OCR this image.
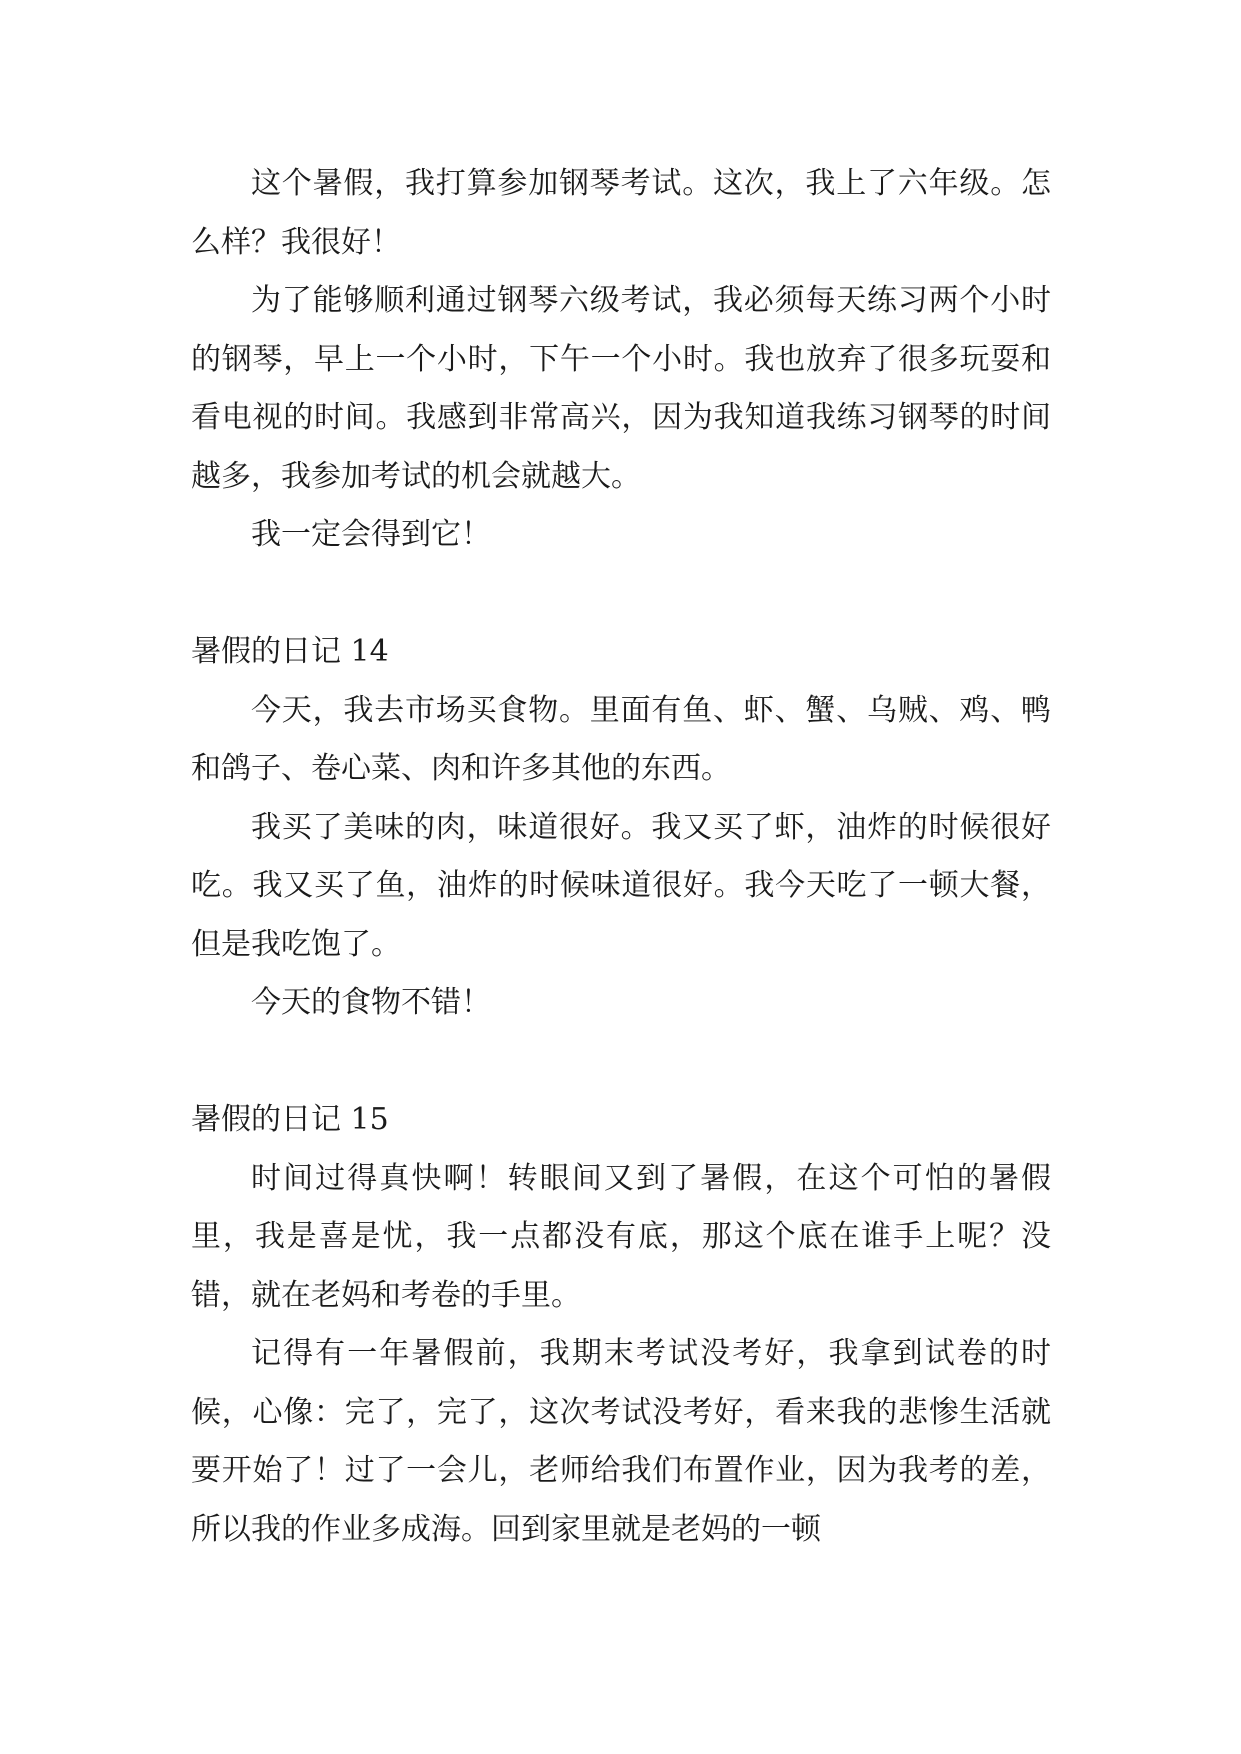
这个暑假，我打算参加钢琴考试。这次，我上了六年级。怎么样？我很好！

为了能够顺利通过钢琴六级考试，我必须每天练习两个小时的钢琴，早上一个小时，下午一个小时。我也放弃了很多玩耍和看电视的时间。我感到非常高兴，因为我知道我练习钢琴的时间越多，我参加考试的机会就越大。

我一定会得到它！

暑假的日记 14

今天，我去市场买食物。里面有鱼、虾、蟹、乌贼、鸡、鸭和鸽子、卷心菜、肉和许多其他的东西。

我买了美味的肉，味道很好。我又买了虾，油炸的时候很好吃。我又买了鱼，油炸的时候味道很好。我今天吃了一顿大餐，但是我吃饱了。

今天的食物不错！

暑假的日记 15

时间过得真快啊！转眼间又到了暑假，在这个可怕的暑假里，我是喜是忧，我一点都没有底，那这个底在谁手上呢？没错，就在老妈和考卷的手里。

记得有一年暑假前，我期末考试没考好，我拿到试卷的时候，心像：完了，完了，这次考试没考好，看来我的悲惨生活就要开始了！过了一会儿，老师给我们布置作业，因为我考的差，所以我的作业多成海。回到家里就是老妈的一顿
